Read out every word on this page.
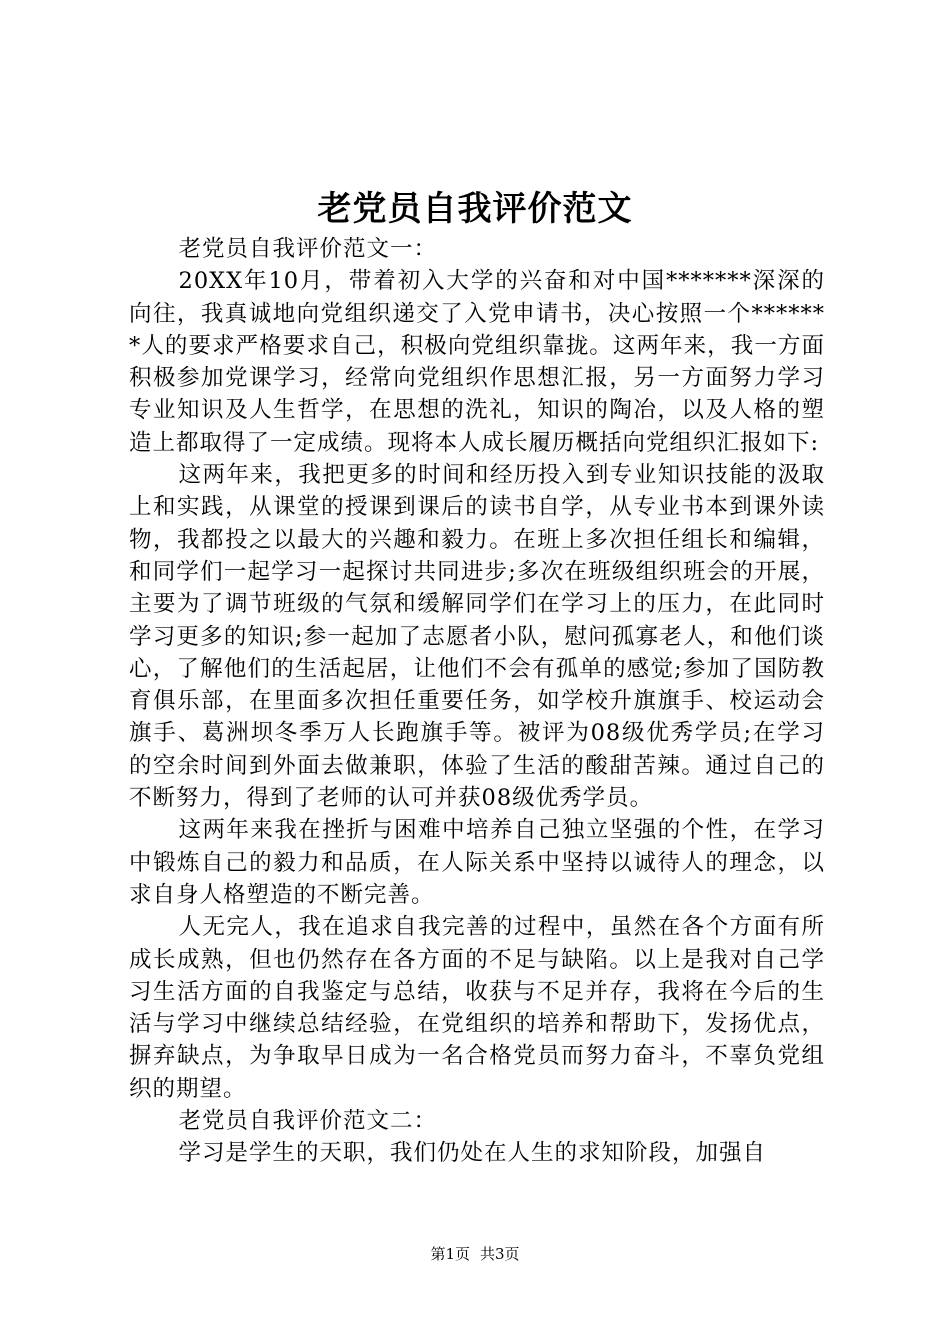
老党员自我评价范文

老党员自我评价范文一：

20XX年10月，带着初入大学的兴奋和对中国*******深深的向往，我真诚地向党组织递交了入党申请书，决心按照一个*******人的要求严格要求自己，积极向党组织靠拢。这两年来，我一方面积极参加党课学习，经常向党组织作思想汇报，另一方面努力学习专业知识及人生哲学，在思想的洗礼，知识的陶冶，以及人格的塑造上都取得了一定成绩。现将本人成长履历概括向党组织汇报如下:

这两年来，我把更多的时间和经历投入到专业知识技能的汲取上和实践，从课堂的授课到课后的读书自学，从专业书本到课外读物，我都投之以最大的兴趣和毅力。在班上多次担任组长和编辑，和同学们一起学习一起探讨共同进步;多次在班级组织班会的开展，主要为了调节班级的气氛和缓解同学们在学习上的压力，在此同时学习更多的知识;参一起加了志愿者小队，慰问孤寡老人，和他们谈心，了解他们的生活起居，让他们不会有孤单的感觉;参加了国防教育俱乐部，在里面多次担任重要任务，如学校升旗旗手、校运动会旗手、葛洲坝冬季万人长跑旗手等。被评为08级优秀学员;在学习的空余时间到外面去做兼职，体验了生活的酸甜苦辣。通过自己的不断努力，得到了老师的认可并获08级优秀学员。

这两年来我在挫折与困难中培养自己独立坚强的个性，在学习中锻炼自己的毅力和品质，在人际关系中坚持以诚待人的理念，以求自身人格塑造的不断完善。

人无完人，我在追求自我完善的过程中，虽然在各个方面有所成长成熟，但也仍然存在各方面的不足与缺陷。以上是我对自己学习生活方面的自我鉴定与总结，收获与不足并存，我将在今后的生活与学习中继续总结经验，在党组织的培养和帮助下，发扬优点，摒弃缺点，为争取早日成为一名合格党员而努力奋斗，不辜负党组织的期望。

老党员自我评价范文二：

学习是学生的天职，我们仍处在人生的求知阶段，加强自

第1页 共3页
